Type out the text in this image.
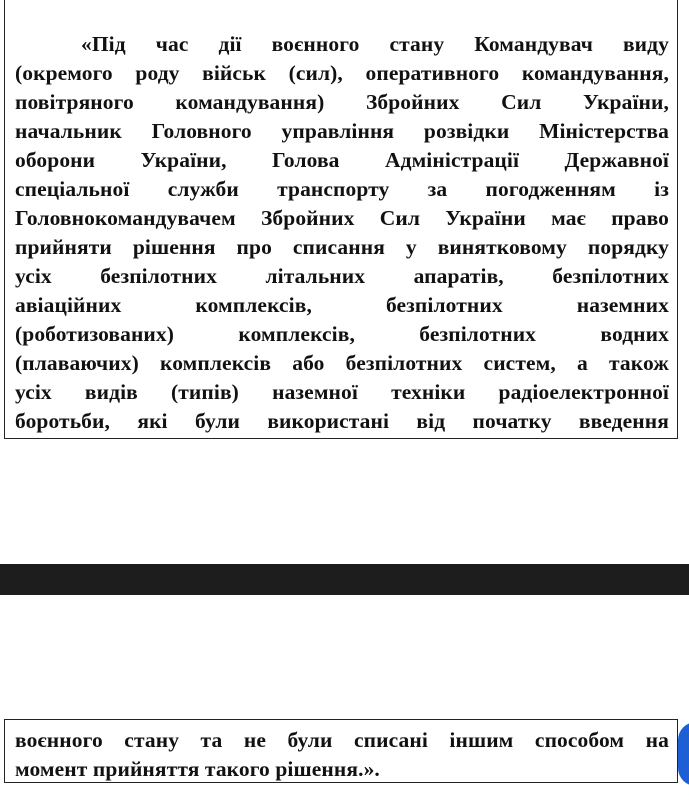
«Під час дії воєнного стану Командувач виду
(окремого роду військ (сил), оперативного командування,
повітряного командування) Збройних Сил України,
начальник Головного управління розвідки Міністерства
оборони України, Голова Адміністрації Державної
спеціальної служби транспорту за погодженням із
Головнокомандувачем Збройних Сил України має право
прийняти рішення про списання у винятковому порядку
усіх безпілотних літальних апаратів, безпілотних
авіаційних комплексів, безпілотних наземних
(роботизованих) комплексів, безпілотних водних
(плаваючих) комплексів або безпілотних систем, а також
усіх видів (типів) наземної техніки радіоелектронної
боротьби, які були використані від початку введення

воєнного стану та не були списані іншим способом на
момент прийняття такого рішення.».
